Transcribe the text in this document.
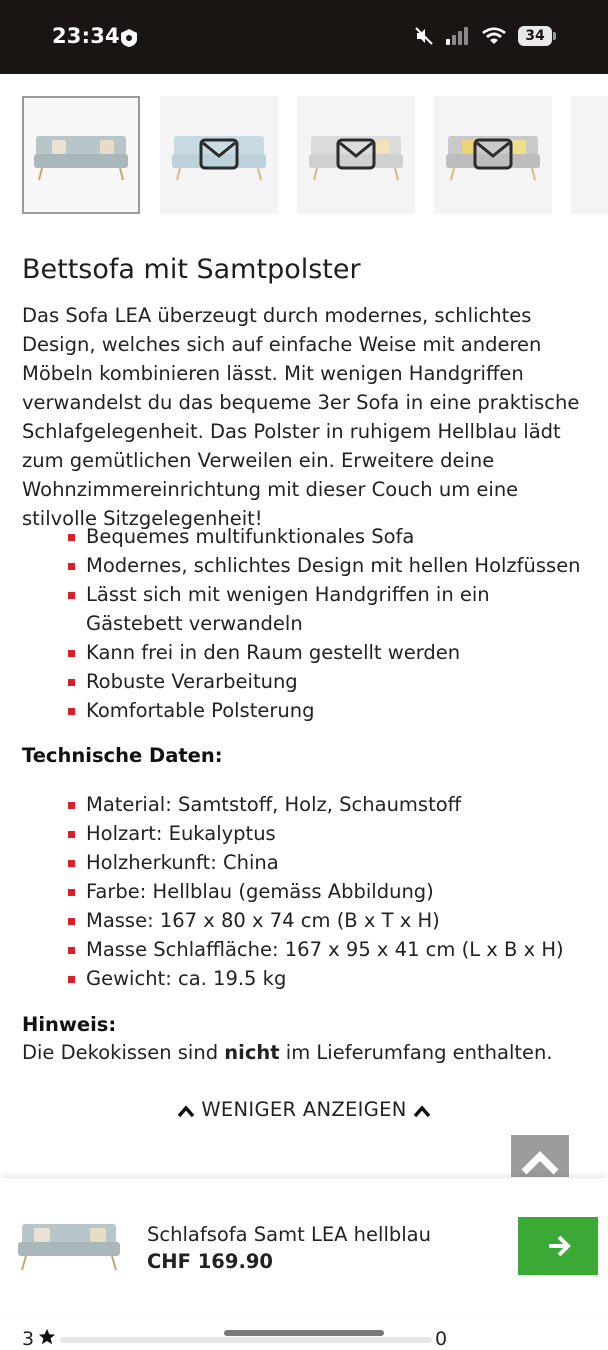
23:34	34
Bettsofa mit Samtpolster

Das Sofa LEA überzeugt durch modernes, schlichtes Design, welches sich auf einfache Weise mit anderen Möbeln kombinieren lässt. Mit wenigen Handgriffen verwandelst du das bequeme 3er Sofa in eine praktische Schlafgelegenheit. Das Polster in ruhigem Hellblau lädt zum gemütlichen Verweilen ein. Erweitere deine Wohnzimmereinrichtung mit dieser Couch um eine stilvolle Sitzgelegenheit!

Bequemes multifunktionales Sofa
Modernes, schlichtes Design mit hellen Holzfüssen
Lässt sich mit wenigen Handgriffen in ein Gästebett verwandeln
Kann frei in den Raum gestellt werden
Robuste Verarbeitung
Komfortable Polsterung
Technische Daten:
Material: Samtstoff, Holz, Schaumstoff
Holzart: Eukalyptus
Holzherkunft: China
Farbe: Hellblau (gemäss Abbildung)
Masse: 167 x 80 x 74 cm (B x T x H)
Masse Schlaffläche: 167 x 95 x 41 cm (L x B x H)
Gewicht: ca. 19.5 kg
Hinweis:
Die Dekokissen sind nicht im Lieferumfang enthalten.
WENIGER ANZEIGEN
Schlafsofa Samt LEA hellblau
CHF 169.90
3	0
